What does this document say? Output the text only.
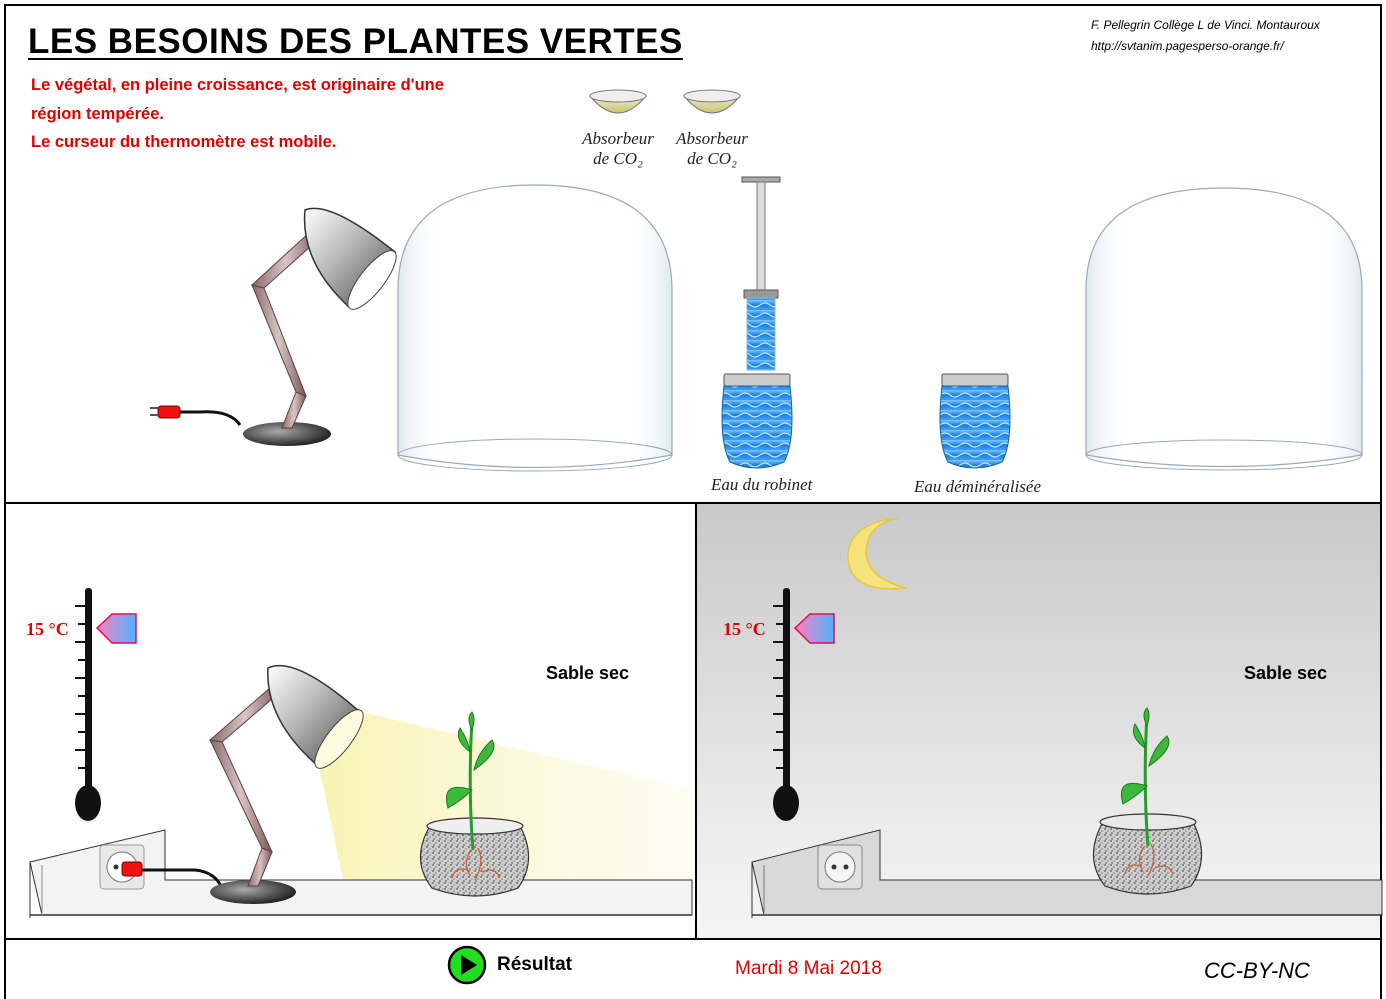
LES BESOINS DES PLANTES VERTES	F. Pellegrin Collège L de Vinci. Montauroux
http://svtanim.pagesperso-orange.fr/
Le végétal, en pleine croissance, est originaire d'une
région tempérée.
Le curseur du thermomètre est mobile.	Absorbeur
de CO₂
Absorbeur
de CO₂
Eau du robinet	Eau déminéralisée
15 °C
Sable sec
15 °C
Sable sec
Résultat	Mardi 8 Mai 2018	CC-BY-NC
